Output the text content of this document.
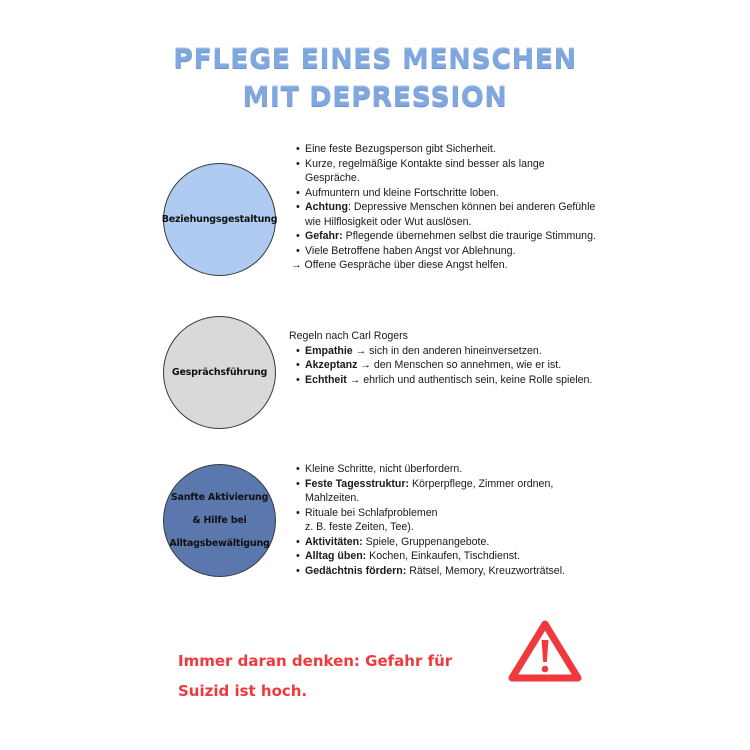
PFLEGE EINES MENSCHEN
MIT DEPRESSION
Beziehungsgestaltung
• Eine feste Bezugsperson gibt Sicherheit.
• Kurze, regelmäßige Kontakte sind besser als lange Gespräche.
• Aufmuntern und kleine Fortschritte loben.
• Achtung: Depressive Menschen können bei anderen Gefühle wie Hilflosigkeit oder Wut auslösen.
• Gefahr: Pflegende übernehmen selbst die traurige Stimmung.
• Viele Betroffene haben Angst vor Ablehnung.
→ Offene Gespräche über diese Angst helfen.
Gesprächsführung
Regeln nach Carl Rogers
• Empathie → sich in den anderen hineinversetzen.
• Akzeptanz → den Menschen so annehmen, wie er ist.
• Echtheit → ehrlich und authentisch sein, keine Rolle spielen.
Sanfte Aktivierung
& Hilfe bei
Alltagsbewältigung
• Kleine Schritte, nicht überfordern.
• Feste Tagesstruktur: Körperpflege, Zimmer ordnen, Mahlzeiten.
• Rituale bei Schlafproblemen
z. B. feste Zeiten, Tee).
• Aktivitäten: Spiele, Gruppenangebote.
• Alltag üben: Kochen, Einkaufen, Tischdienst.
• Gedächtnis fördern: Rätsel, Memory, Kreuzworträtsel.
Immer daran denken: Gefahr für
Suizid ist hoch.
